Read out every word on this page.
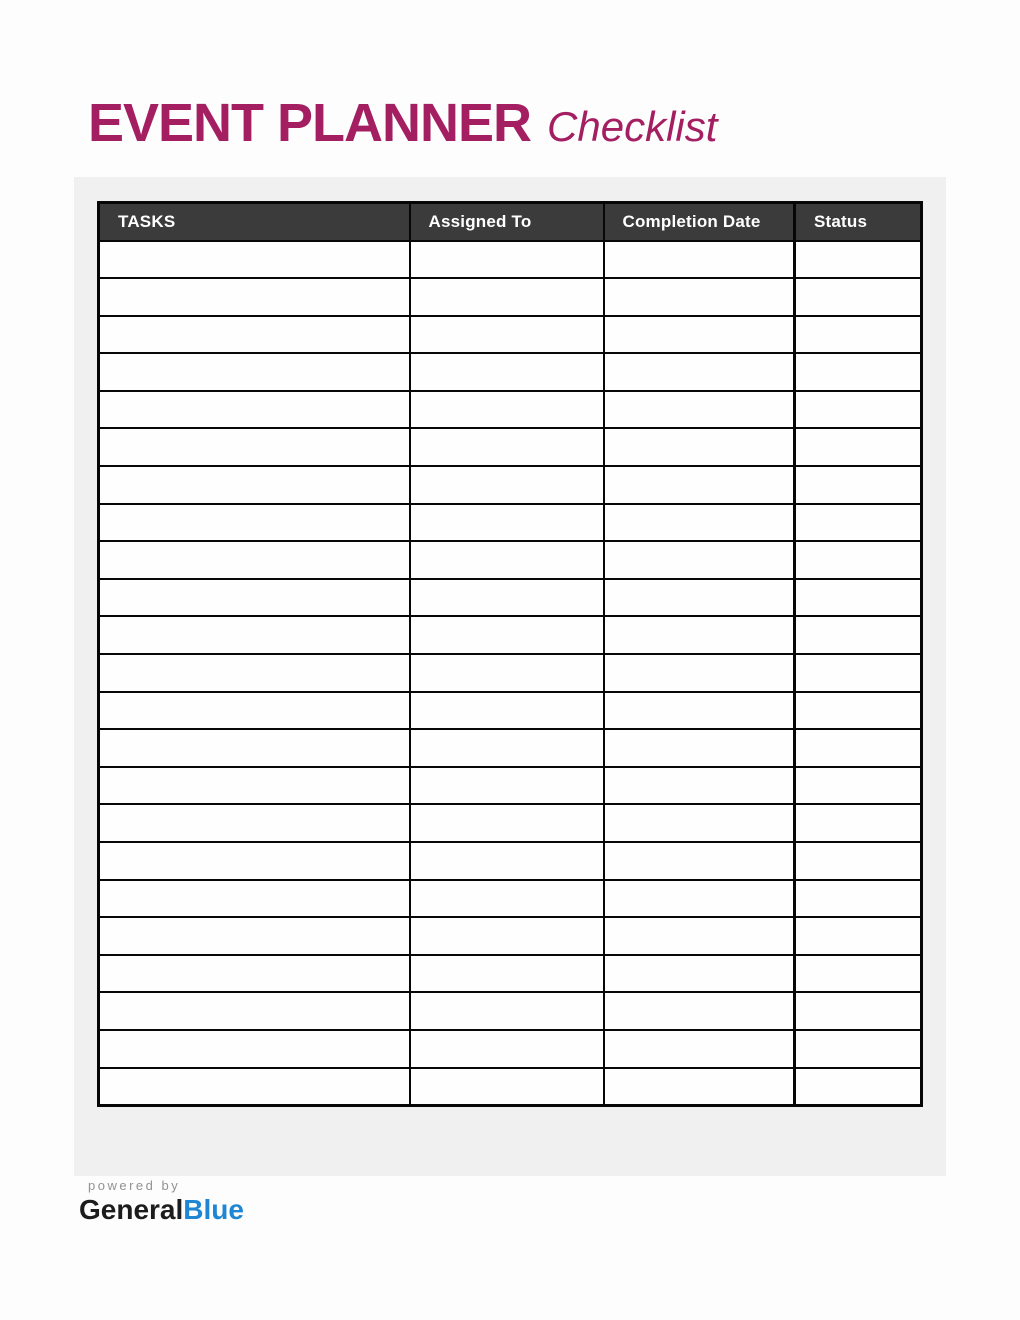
EVENT PLANNER Checklist
TASKS	Assigned To	Completion Date	Status

powered by
GeneralBlue
